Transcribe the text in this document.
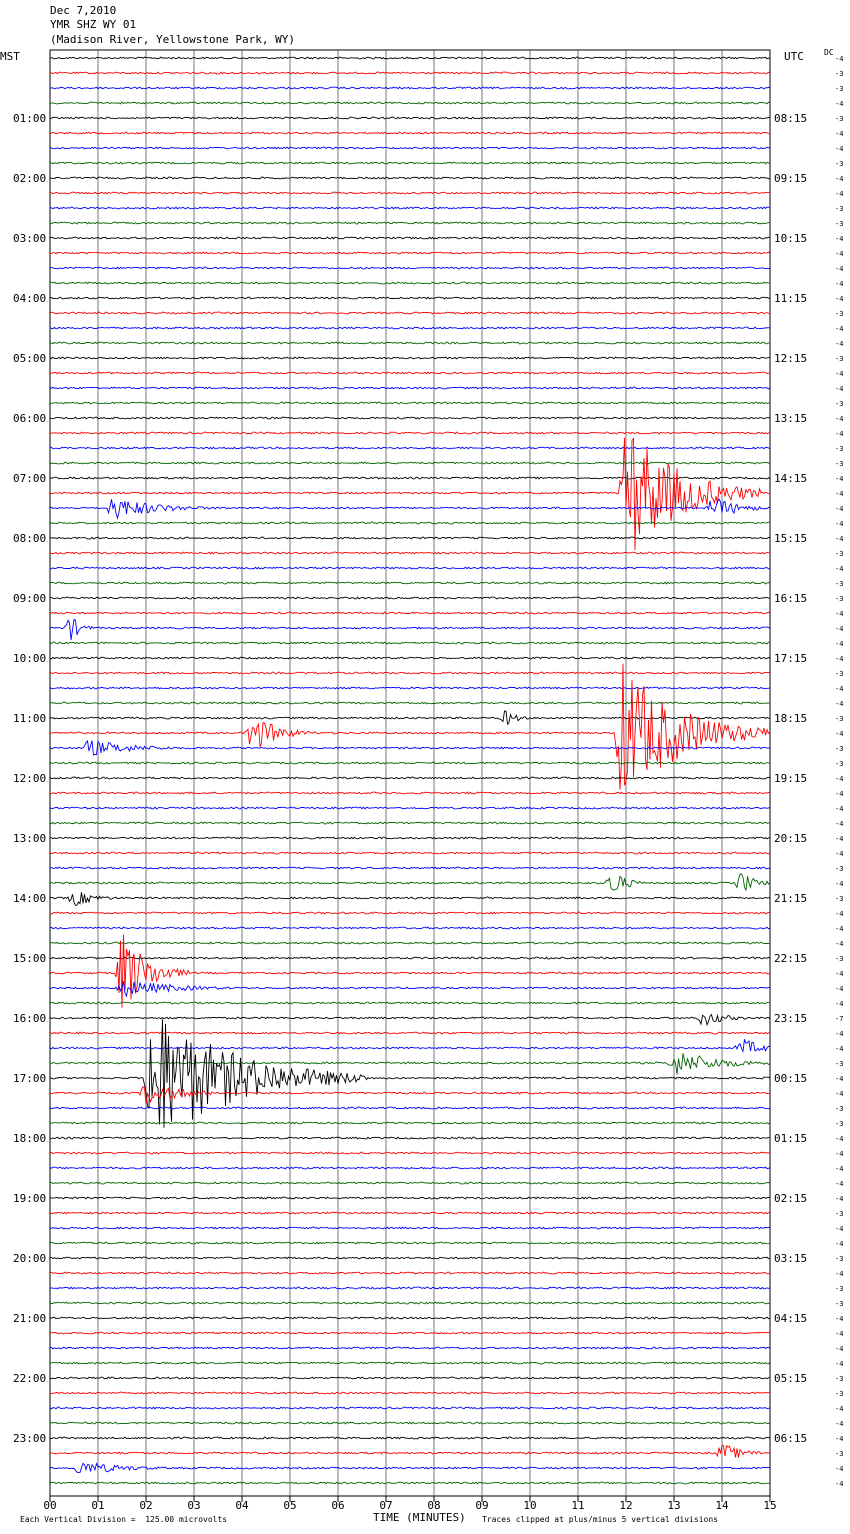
Dec 7,2010
YMR SHZ WY 01
(Madison River, Yellowstone Park, WY)
MST	UTC	DC
00	01	02	03	04	05	06	07	08	09	10	11	12	13	14	15
-4
-3
-3
-4
-3
-4
-4
-3
-4
-4
-3
-3
-4
-4
-4
-4
-4
-3
-4
-4
-3
-4
-4
-3
-4
-4
-3
-3
-4
-4
-4
-4
-4
-3
-4
-3
-3
-4
-4
-4
-4
-3
-4
-4
-3
-4
-3
-3
-4
-4
-4
-4
-4
-4
-3
-4
-3
-4
-4
-4
-3
-4
-4
-4
-7
-4
-4
-3
-4
-4
-3
-3
-4
-4
-4
-4
-4
-3
-4
-4
-3
-4
-3
-3
-4
-4
-4
-4
-3
-3
-4
-4
-4
-3
-4
-4
01:00
02:00
03:00
04:00
05:00
06:00
07:00
08:00
09:00
10:00
11:00
12:00
13:00
14:00
15:00
16:00
17:00
18:00
19:00
20:00
21:00
22:00
23:00
08:15
09:15
10:15
11:15
12:15
13:15
14:15
15:15
16:15
17:15
18:15
19:15
20:15
21:15
22:15
23:15
00:15
01:15
02:15
03:15
04:15
05:15
06:15
Each Vertical Division =  125.00 microvolts	TIME (MINUTES) Traces clipped at plus/minus 5 vertical divisions
